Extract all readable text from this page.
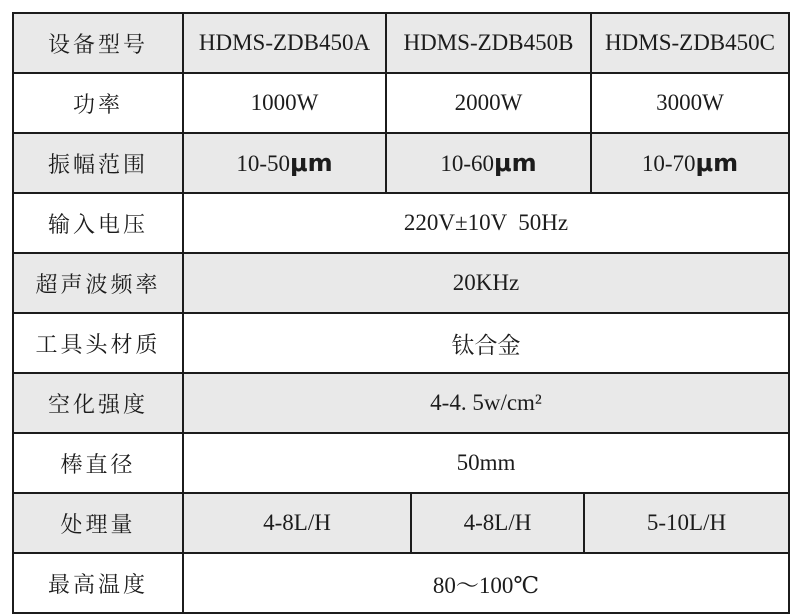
设备型号	HDMS-ZDB450A	HDMS-ZDB450B			HDMS-ZDB450C
功率	1000W	2000W			3000W
振幅范围	10-50μm	10-60μm			10-70μm
输入电压	220V±10V  50Hz				
超声波频率	20KHz				
工具头材质	钛合金				
空化强度	4-4. 5w/cm²				
棒直径	50mm				
处理量	4-8L/H		4-8L/H	5-10L/H	
最高温度	80～100℃				
